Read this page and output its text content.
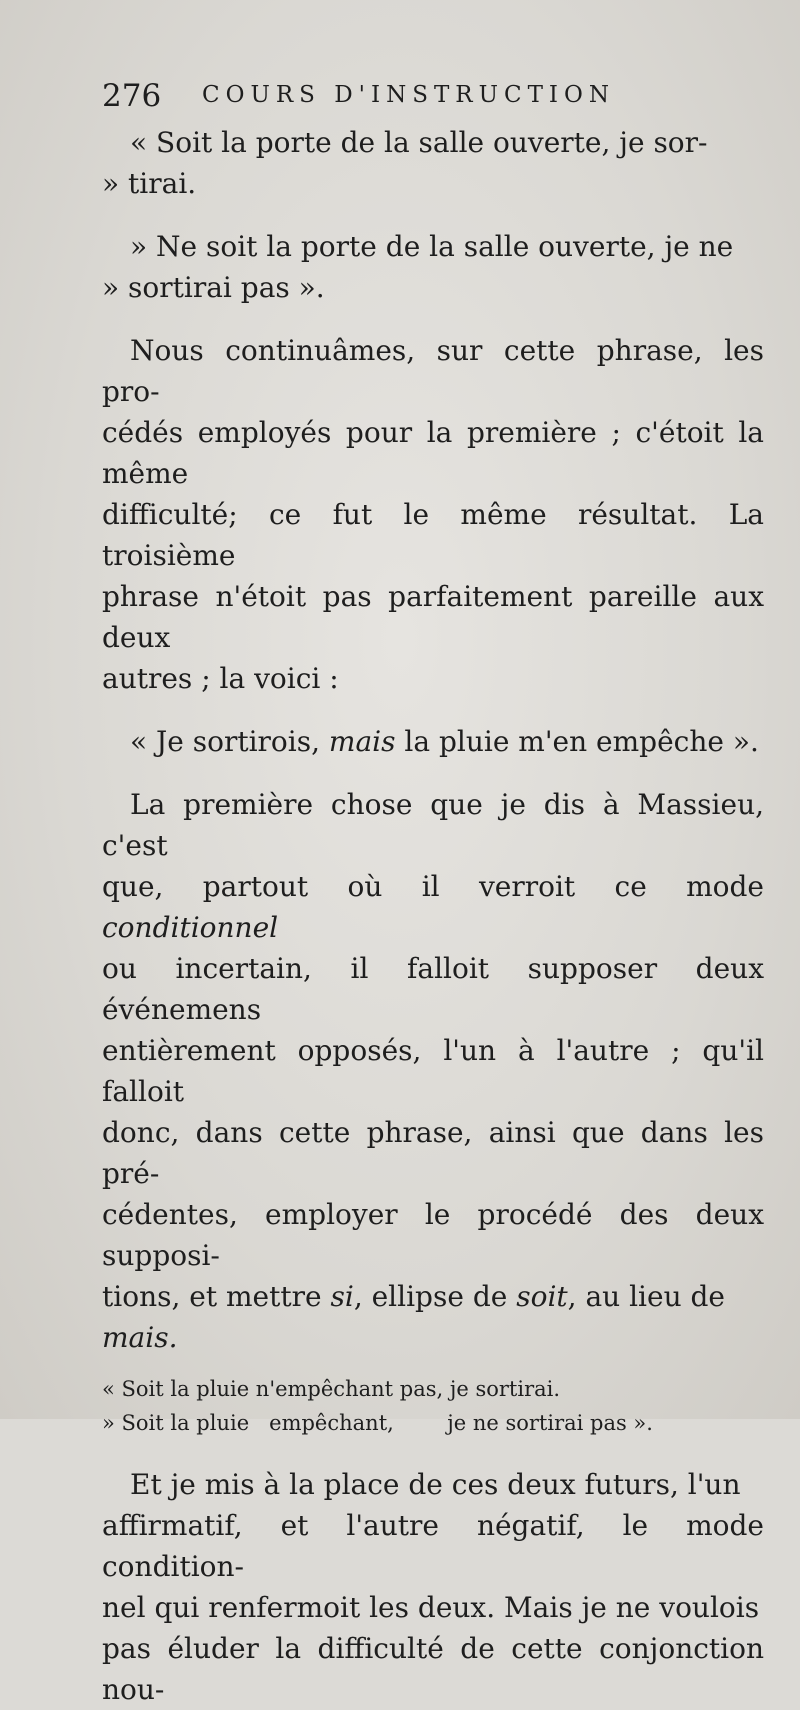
276 COURS D'INSTRUCTION

« Soit la porte de la salle ouverte, je sor-

» tirai.

» Ne soit la porte de la salle ouverte, je ne

» sortirai pas ».

Nous continuâmes, sur cette phrase, les pro-

cédés employés pour la première ; c'étoit la même

difficulté; ce fut le même résultat. La troisième

phrase n'étoit pas parfaitement pareille aux deux

autres ; la voici :

« Je sortirois, mais la pluie m'en empêche ».

La première chose que je dis à Massieu, c'est

que, partout où il verroit ce mode conditionnel

ou incertain, il falloit supposer deux événemens

entièrement opposés, l'un à l'autre ; qu'il falloit

donc, dans cette phrase, ainsi que dans les pré-

cédentes, employer le procédé des deux supposi-

tions, et mettre si, ellipse de soit, au lieu de

mais.

« Soit la pluie n'empêchant pas, je sortirai.
» Soit la pluie   empêchant,        je ne sortirai pas ».

Et je mis à la place de ces deux futurs, l'un

affirmatif, et l'autre négatif, le mode condition-

nel qui renfermoit les deux. Mais je ne voulois

pas éluder la difficulté de cette conjonction nou-
